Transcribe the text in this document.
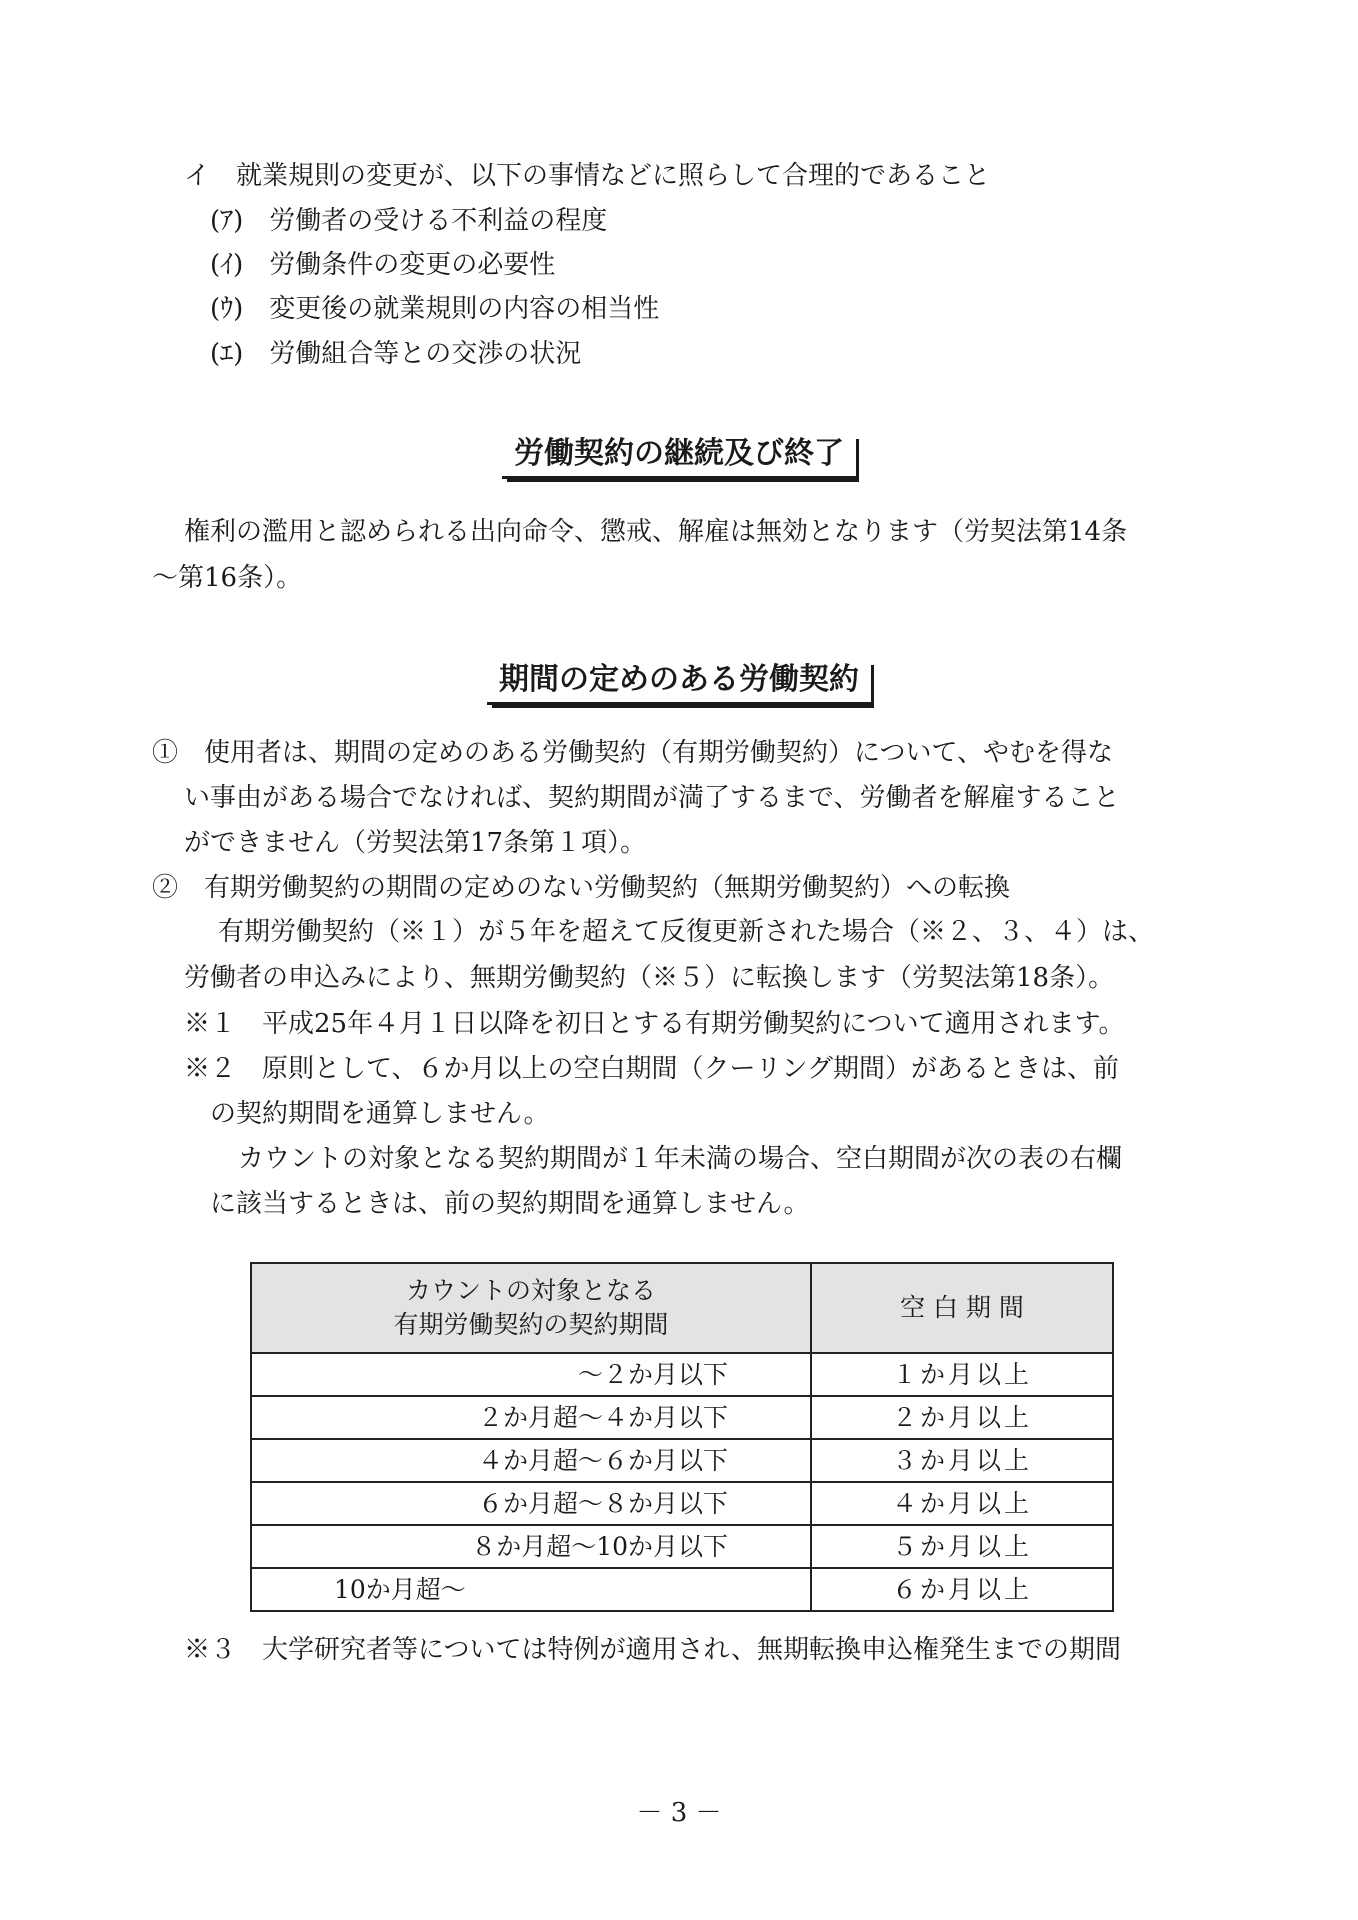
イ　就業規則の変更が、以下の事情などに照らして合理的であること
(ｱ)　労働者の受ける不利益の程度
(ｲ)　労働条件の変更の必要性
(ｳ)　変更後の就業規則の内容の相当性
(ｴ)　労働組合等との交渉の状況
労働契約の継続及び終了
権利の濫用と認められる出向命令、懲戒、解雇は無効となります（労契法第14条
～第16条）。
期間の定めのある労働契約
①　使用者は、期間の定めのある労働契約（有期労働契約）について、やむを得な
い事由がある場合でなければ、契約期間が満了するまで、労働者を解雇すること
ができません（労契法第17条第１項）。
②　有期労働契約の期間の定めのない労働契約（無期労働契約）への転換
有期労働契約（※１）が５年を超えて反復更新された場合（※２、３、４）は、
労働者の申込みにより、無期労働契約（※５）に転換します（労契法第18条）。
※１　平成25年４月１日以降を初日とする有期労働契約について適用されます。
※２　原則として、６か月以上の空白期間（クーリング期間）があるときは、前
の契約期間を通算しません。
カウントの対象となる契約期間が１年未満の場合、空白期間が次の表の右欄
に該当するときは、前の契約期間を通算しません。
カウントの対象となる
有期労働契約の契約期間	空 白 期 間
～２か月以下	１か月以上
２か月超～４か月以下	２か月以上
４か月超～６か月以下	３か月以上
６か月超～８か月以下	４か月以上
８か月超～10か月以下	５か月以上
10か月超～	６か月以上
※３　大学研究者等については特例が適用され、無期転換申込権発生までの期間
－ 3 －
